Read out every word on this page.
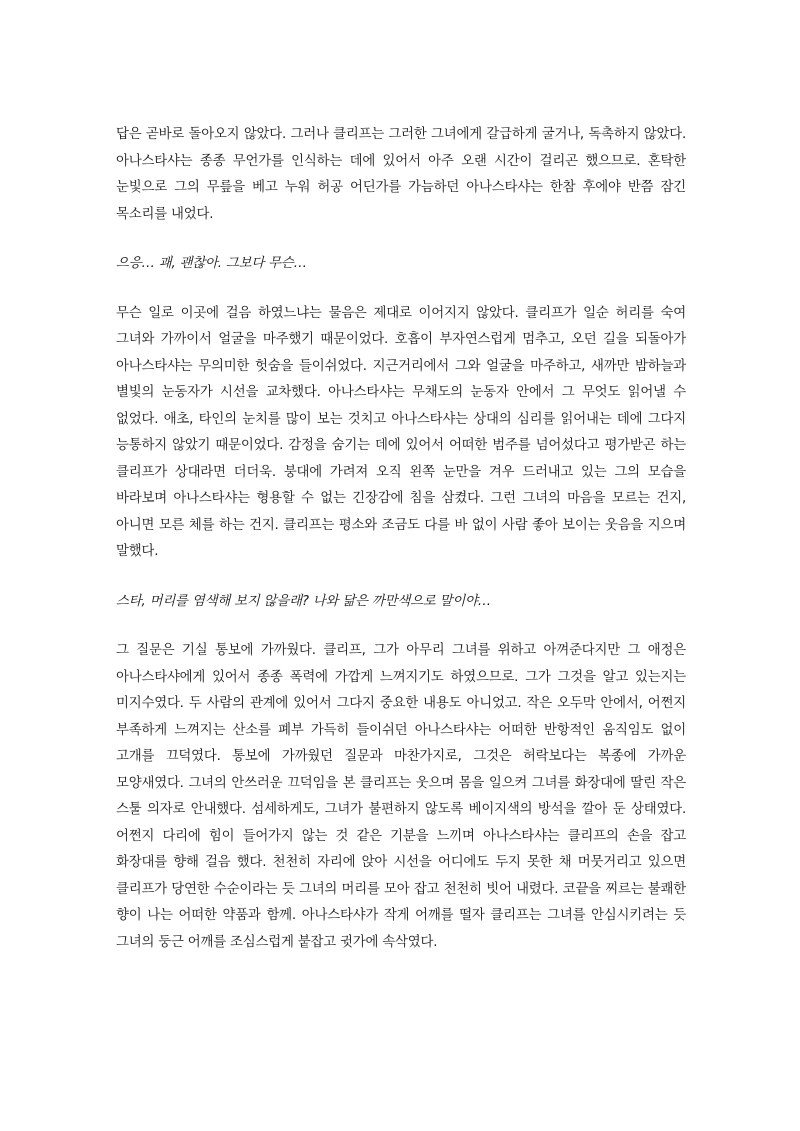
답은 곧바로 돌아오지 않았다. 그러나 클리프는 그러한 그녀에게 갈급하게 굴거나, 독촉하지 않았다. 아나스타샤는 종종 무언가를 인식하는 데에 있어서 아주 오랜 시간이 걸리곤 했으므로. 혼탁한 눈빛으로 그의 무릎을 베고 누워 허공 어딘가를 가늠하던 아나스타샤는 한참 후에야 반쯤 잠긴 목소리를 내었다.

으응… 괘, 괜찮아. 그보다 무슨…

무슨 일로 이곳에 걸음 하였느냐는 물음은 제대로 이어지지 않았다. 클리프가 일순 허리를 숙여 그녀와 가까이서 얼굴을 마주했기 때문이었다. 호흡이 부자연스럽게 멈추고, 오던 길을 되돌아가 아나스타샤는 무의미한 헛숨을 들이쉬었다. 지근거리에서 그와 얼굴을 마주하고, 새까만 밤하늘과 별빛의 눈동자가 시선을 교차했다. 아나스타샤는 무채도의 눈동자 안에서 그 무엇도 읽어낼 수 없었다. 애초, 타인의 눈치를 많이 보는 것치고 아나스타샤는 상대의 심리를 읽어내는 데에 그다지 능통하지 않았기 때문이었다. 감정을 숨기는 데에 있어서 어떠한 범주를 넘어섰다고 평가받곤 하는 클리프가 상대라면 더더욱. 붕대에 가려져 오직 왼쪽 눈만을 겨우 드러내고 있는 그의 모습을 바라보며 아나스타샤는 형용할 수 없는 긴장감에 침을 삼켰다. 그런 그녀의 마음을 모르는 건지, 아니면 모른 체를 하는 건지. 클리프는 평소와 조금도 다를 바 없이 사람 좋아 보이는 웃음을 지으며 말했다.

스타, 머리를 염색해 보지 않을래? 나와 닮은 까만색으로 말이야…

그 질문은 기실 통보에 가까웠다. 클리프, 그가 아무리 그녀를 위하고 아껴준다지만 그 애정은 아나스타샤에게 있어서 종종 폭력에 가깝게 느껴지기도 하였으므로. 그가 그것을 알고 있는지는 미지수였다. 두 사람의 관계에 있어서 그다지 중요한 내용도 아니었고. 작은 오두막 안에서, 어쩐지 부족하게 느껴지는 산소를 폐부 가득히 들이쉬던 아나스타샤는 어떠한 반항적인 움직임도 없이 고개를 끄덕였다. 통보에 가까웠던 질문과 마찬가지로, 그것은 허락보다는 복종에 가까운 모양새였다. 그녀의 안쓰러운 끄덕임을 본 클리프는 웃으며 몸을 일으켜 그녀를 화장대에 딸린 작은 스툴 의자로 안내했다. 섬세하게도, 그녀가 불편하지 않도록 베이지색의 방석을 깔아 둔 상태였다. 어쩐지 다리에 힘이 들어가지 않는 것 같은 기분을 느끼며 아나스타샤는 클리프의 손을 잡고 화장대를 향해 걸음 했다. 천천히 자리에 앉아 시선을 어디에도 두지 못한 채 머뭇거리고 있으면 클리프가 당연한 수순이라는 듯 그녀의 머리를 모아 잡고 천천히 빗어 내렸다. 코끝을 찌르는 불쾌한 향이 나는 어떠한 약품과 함께. 아나스타샤가 작게 어깨를 떨자 클리프는 그녀를 안심시키려는 듯 그녀의 둥근 어깨를 조심스럽게 붙잡고 귓가에 속삭였다.
